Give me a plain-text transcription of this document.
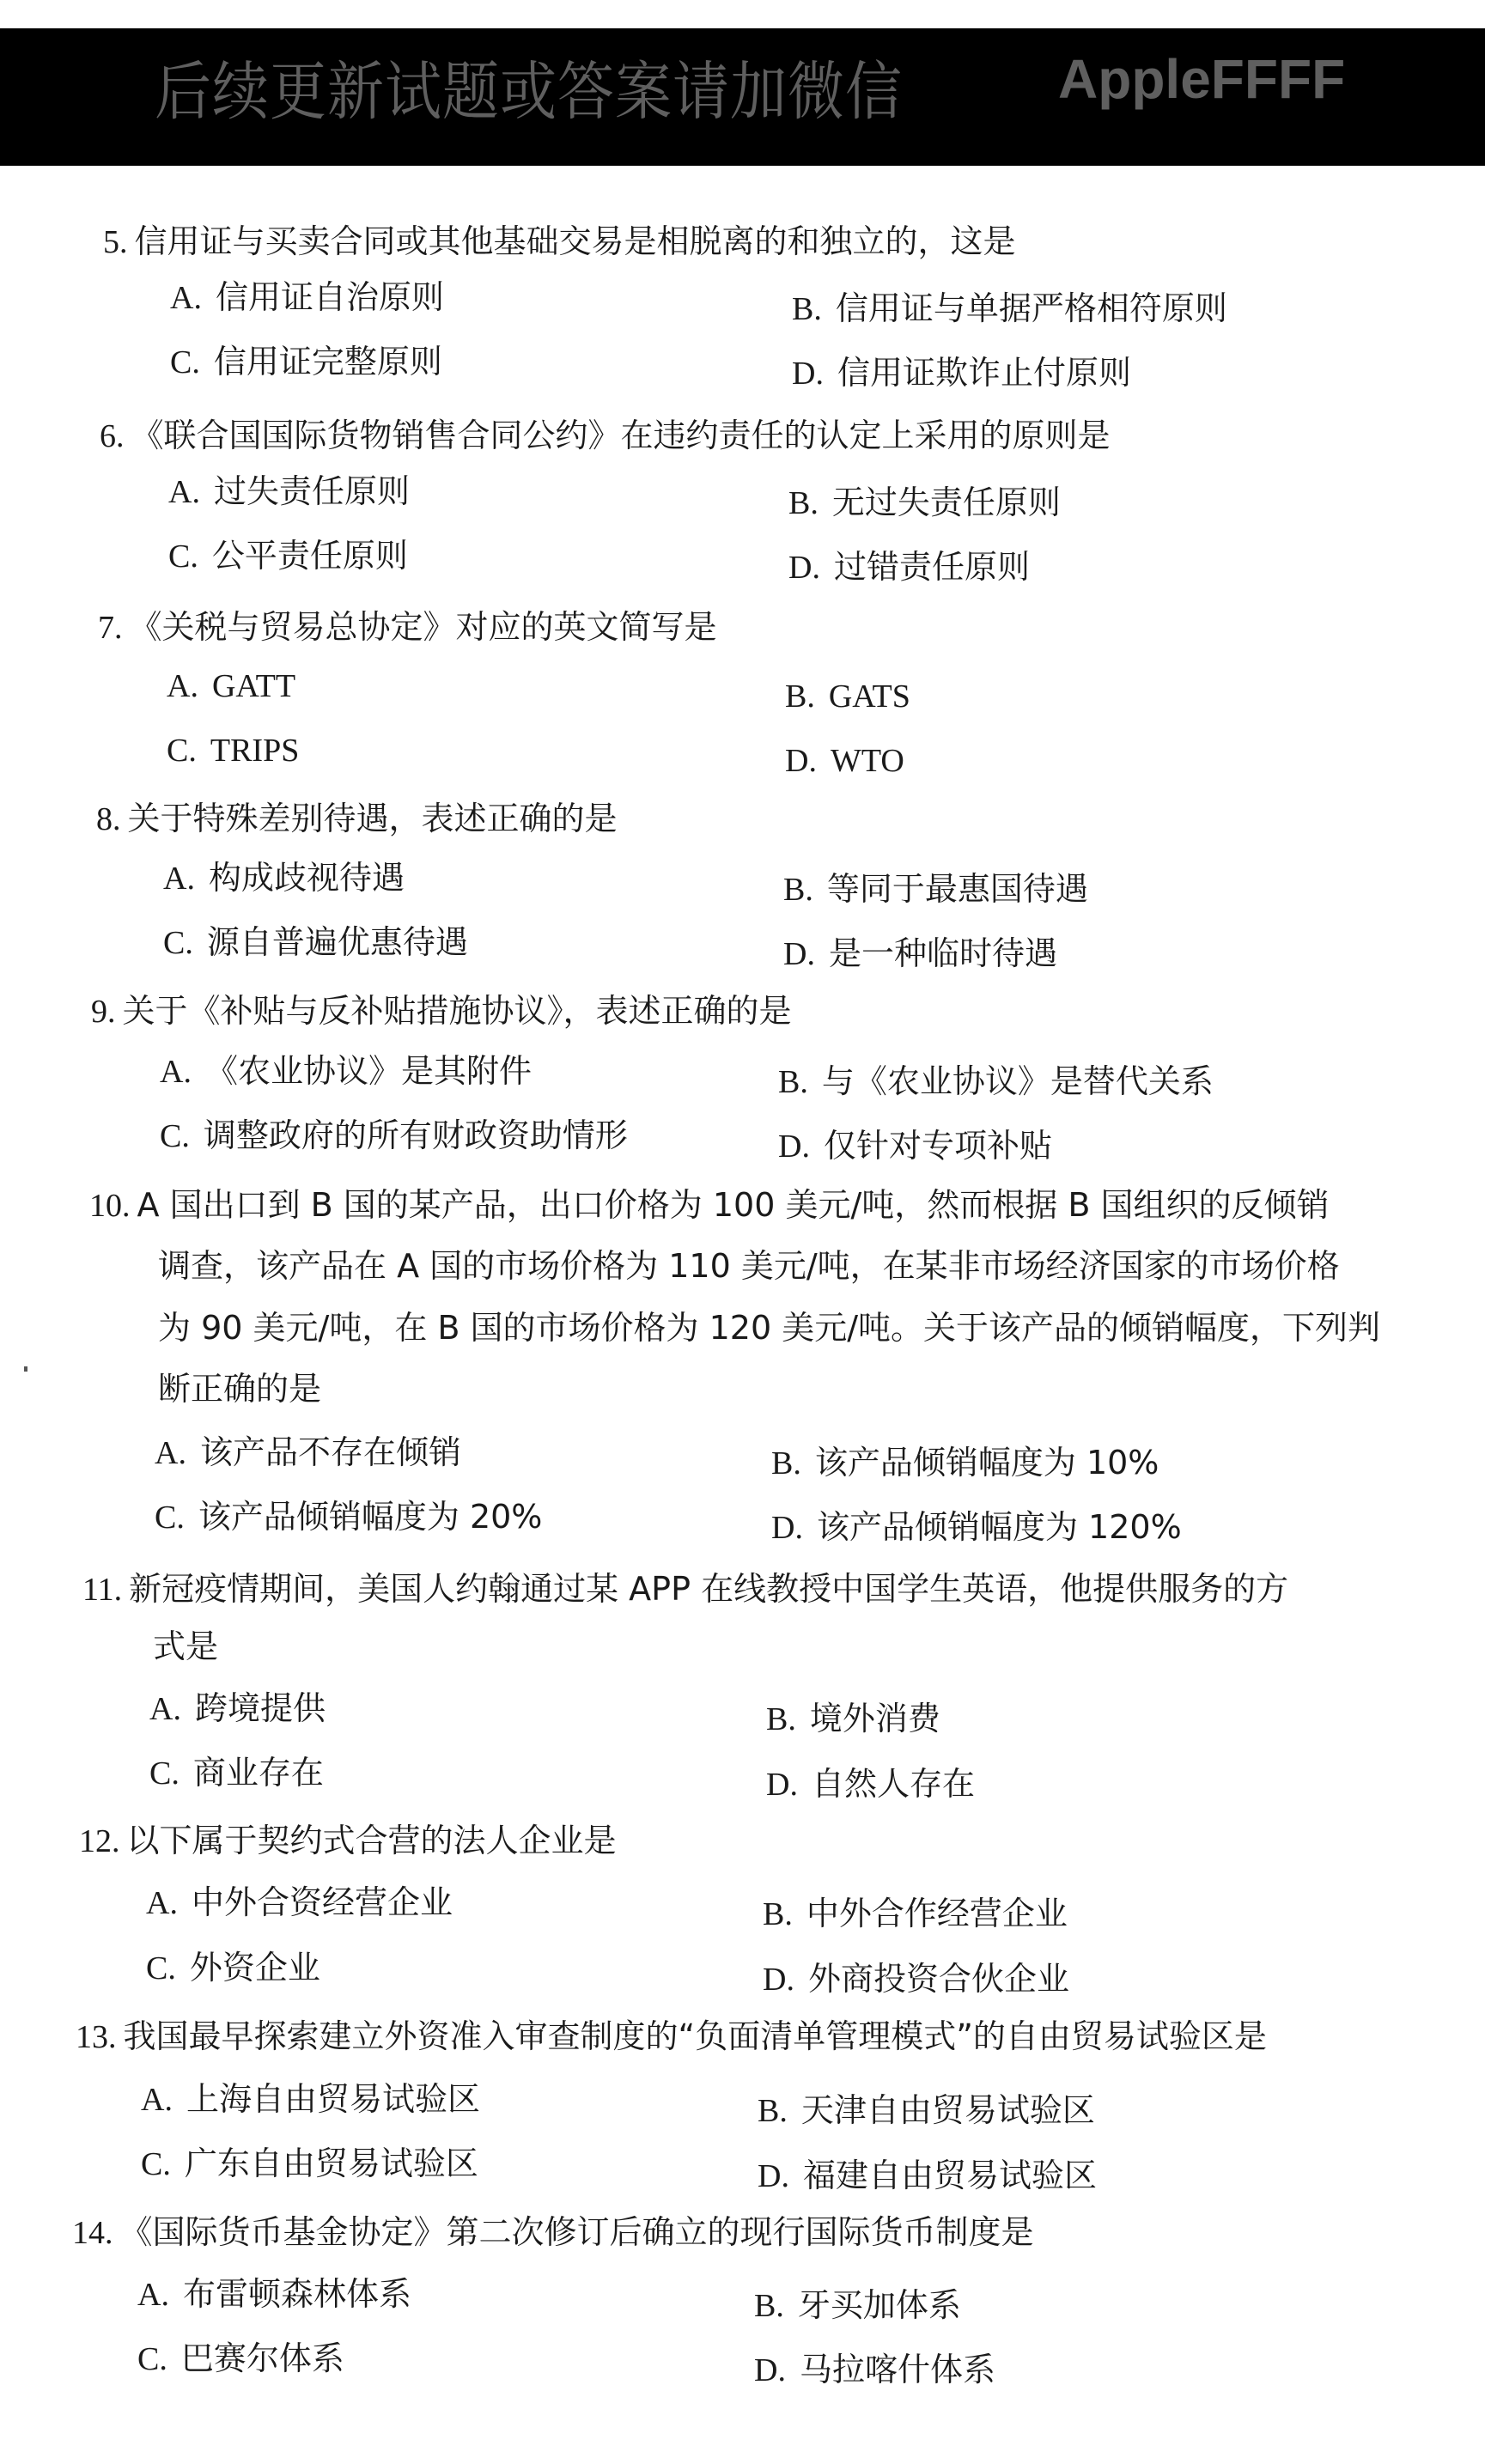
后续更新试题或答案请加微信	AppleFFFF
5. 信用证与买卖合同或其他基础交易是相脱离的和独立的，这是
A. 信用证自治原则	B. 信用证与单据严格相符原则
C. 信用证完整原则	D. 信用证欺诈止付原则
6. 《联合国国际货物销售合同公约》在违约责任的认定上采用的原则是
A. 过失责任原则	B. 无过失责任原则
C. 公平责任原则	D. 过错责任原则
7. 《关税与贸易总协定》对应的英文简写是
A. GATT	B. GATS
C. TRIPS	D. WTO
8. 关于特殊差别待遇，表述正确的是
A. 构成歧视待遇	B. 等同于最惠国待遇
C. 源自普遍优惠待遇	D. 是一种临时待遇
9. 关于《补贴与反补贴措施协议》，表述正确的是
A. 《农业协议》是其附件	B. 与《农业协议》是替代关系
C. 调整政府的所有财政资助情形	D. 仅针对专项补贴
10. A 国出口到 B 国的某产品，出口价格为 100 美元/吨，然而根据 B 国组织的反倾销
调查，该产品在 A 国的市场价格为 110 美元/吨，在某非市场经济国家的市场价格
为 90 美元/吨，在 B 国的市场价格为 120 美元/吨。关于该产品的倾销幅度，下列判
断正确的是
A. 该产品不存在倾销	B. 该产品倾销幅度为 10%
C. 该产品倾销幅度为 20%	D. 该产品倾销幅度为 120%
11. 新冠疫情期间，美国人约翰通过某 APP 在线教授中国学生英语，他提供服务的方
式是
A. 跨境提供	B. 境外消费
C. 商业存在	D. 自然人存在
12. 以下属于契约式合营的法人企业是
A. 中外合资经营企业	B. 中外合作经营企业
C. 外资企业	D. 外商投资合伙企业
13. 我国最早探索建立外资准入审查制度的“负面清单管理模式”的自由贸易试验区是
A. 上海自由贸易试验区	B. 天津自由贸易试验区
C. 广东自由贸易试验区	D. 福建自由贸易试验区
14. 《国际货币基金协定》第二次修订后确立的现行国际货币制度是
A. 布雷顿森林体系	B. 牙买加体系
C. 巴赛尔体系	D. 马拉喀什体系
